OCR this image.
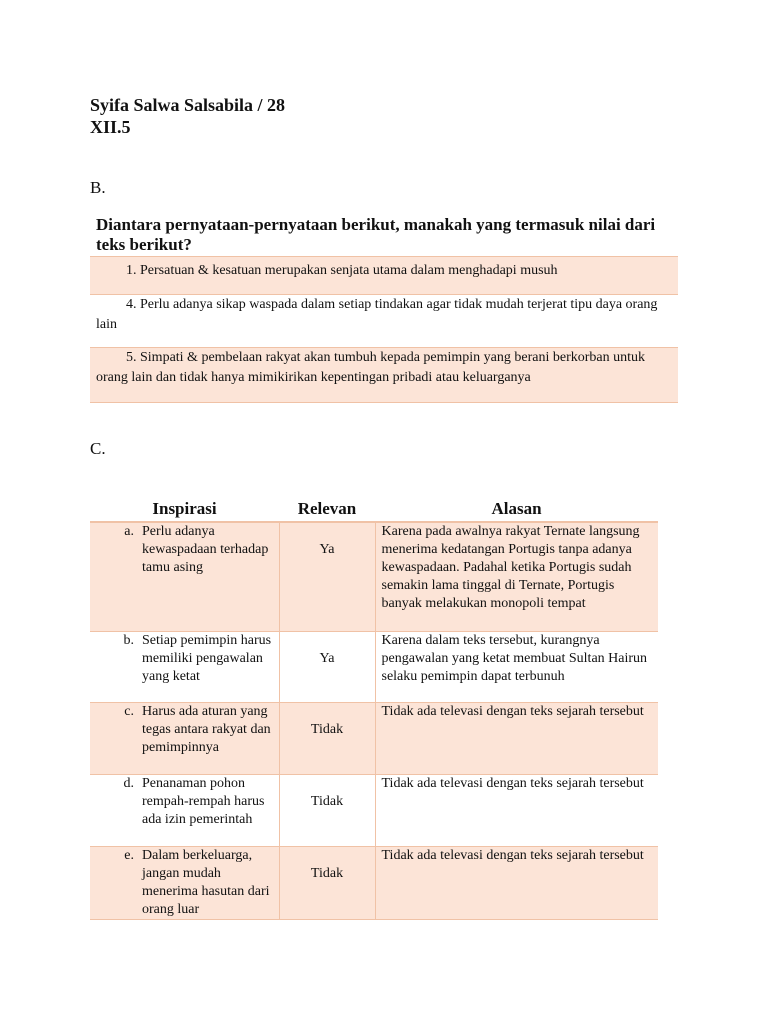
Syifa Salwa Salsabila / 28
XII.5
B.
Diantara pernyataan-pernyataan berikut, manakah yang termasuk nilai dari teks berikut?
1. Persatuan & kesatuan merupakan senjata utama dalam menghadapi musuh
4. Perlu adanya sikap waspada dalam setiap tindakan agar tidak mudah terjerat tipu daya orang lain
5. Simpati & pembelaan rakyat akan tumbuh kepada pemimpin yang berani berkorban untuk orang lain dan tidak hanya mimikirikan kepentingan pribadi atau keluarganya
C.
Inspirasi	Relevan	Alasan

a. Perlu adanya kewaspadaan terhadap tamu asing	Ya	Karena pada awalnya rakyat Ternate langsung menerima kedatangan Portugis tanpa adanya kewaspadaan. Padahal ketika Portugis sudah semakin lama tinggal di Ternate, Portugis banyak melakukan monopoli tempat

b. Setiap pemimpin harus memiliki pengawalan yang ketat	Ya	Karena dalam teks tersebut, kurangnya pengawalan yang ketat membuat Sultan Hairun selaku pemimpin dapat terbunuh

c. Harus ada aturan yang tegas antara rakyat dan pemimpinnya	Tidak	Tidak ada televasi dengan teks sejarah tersebut

d. Penanaman pohon rempah-rempah harus ada izin pemerintah	Tidak	Tidak ada televasi dengan teks sejarah tersebut

e. Dalam berkeluarga, jangan mudah menerima hasutan dari orang luar	Tidak	Tidak ada televasi dengan teks sejarah tersebut
